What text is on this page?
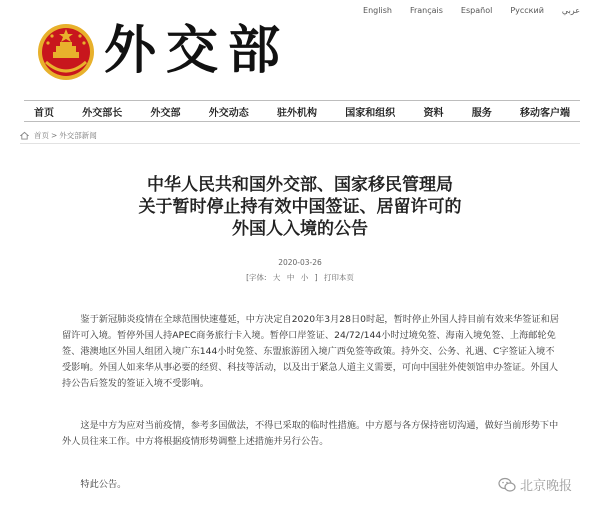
English Français Español Русский عربي
外交部
首页	外交部长	外交部	外交动态	驻外机构	国家和组织	资料	服务	移动客户端
首页 > 外交部新闻
中华人民共和国外交部、国家移民管理局
关于暂时停止持有效中国签证、居留许可的
外国人入境的公告
2020-03-26
[字体: 大 中 小 ] 打印本页
鉴于新冠肺炎疫情在全球范围快速蔓延，中方决定自2020年3月28日0时起，暂时停止外国人持目前有效来华签证和居留许可入境。暂停外国人持APEC商务旅行卡入境。暂停口岸签证、24/72/144小时过境免签、海南入境免签、上海邮轮免签、港澳地区外国人组团入境广东144小时免签、东盟旅游团入境广西免签等政策。持外交、公务、礼遇、C字签证入境不受影响。外国人如来华从事必要的经贸、科技等活动，以及出于紧急人道主义需要，可向中国驻外使领馆申办签证。外国人持公告后签发的签证入境不受影响。
这是中方为应对当前疫情，参考多国做法，不得已采取的临时性措施。中方愿与各方保持密切沟通，做好当前形势下中外人员往来工作。中方将根据疫情形势调整上述措施并另行公告。
特此公告。	北京晚报
